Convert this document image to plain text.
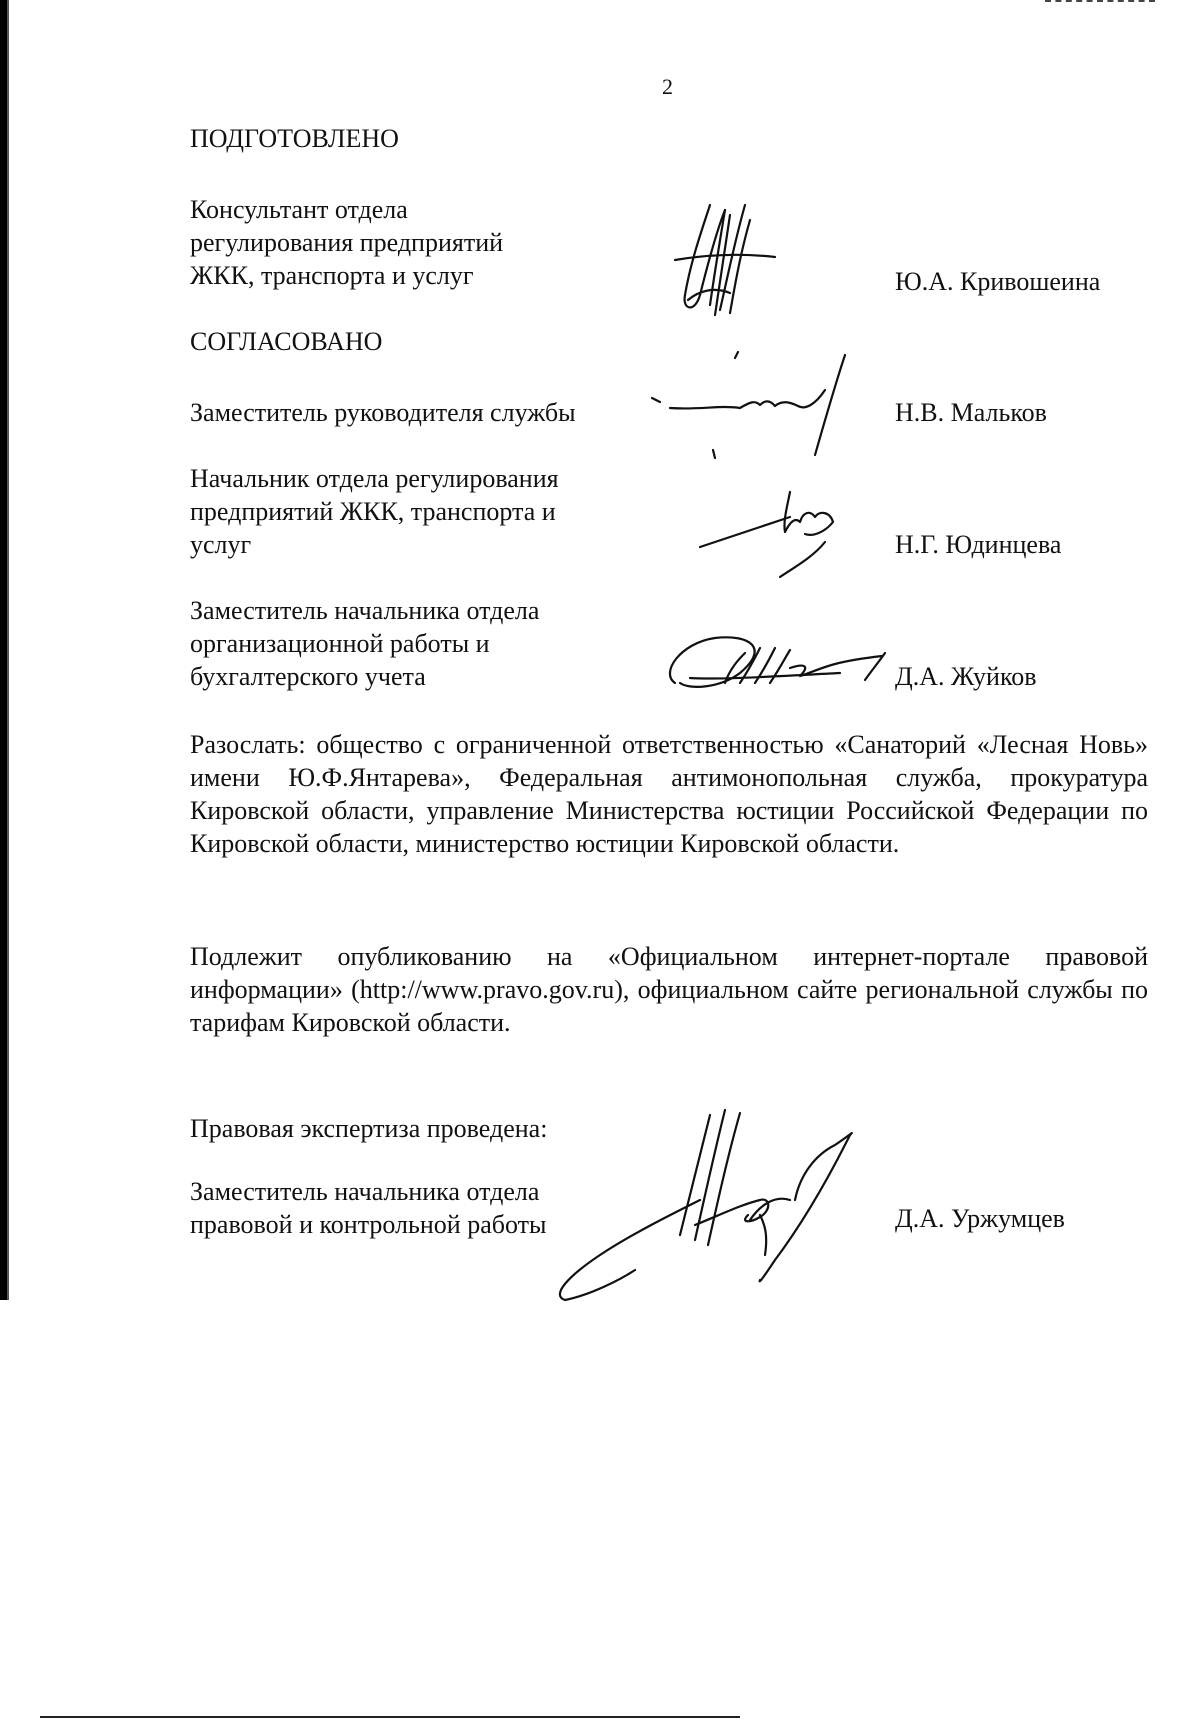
2
ПОДГОТОВЛЕНО
Консультант отдела
регулирования предприятий
ЖКК, транспорта и услуг	Ю.А. Кривошеина
СОГЛАСОВАНО
Заместитель руководителя службы	Н.В. Мальков
Начальник отдела регулирования
предприятий ЖКК, транспорта и
услуг	Н.Г. Юдинцева
Заместитель начальника отдела
организационной работы и
бухгалтерского учета	Д.А. Жуйков
Разослать: общество с ограниченной ответственностью «Санаторий «Лесная Новь» имени Ю.Ф.Янтарева», Федеральная антимонопольная служба, прокуратура Кировской области, управление Министерства юстиции Российской Федерации по Кировской области, министерство юстиции Кировской области.
Подлежит опубликованию на «Официальном интернет-портале правовой информации» (http://www.pravo.gov.ru), официальном сайте региональной службы по тарифам Кировской области.
Правовая экспертиза проведена:
Заместитель начальника отдела
правовой и контрольной работы	Д.А. Уржумцев
